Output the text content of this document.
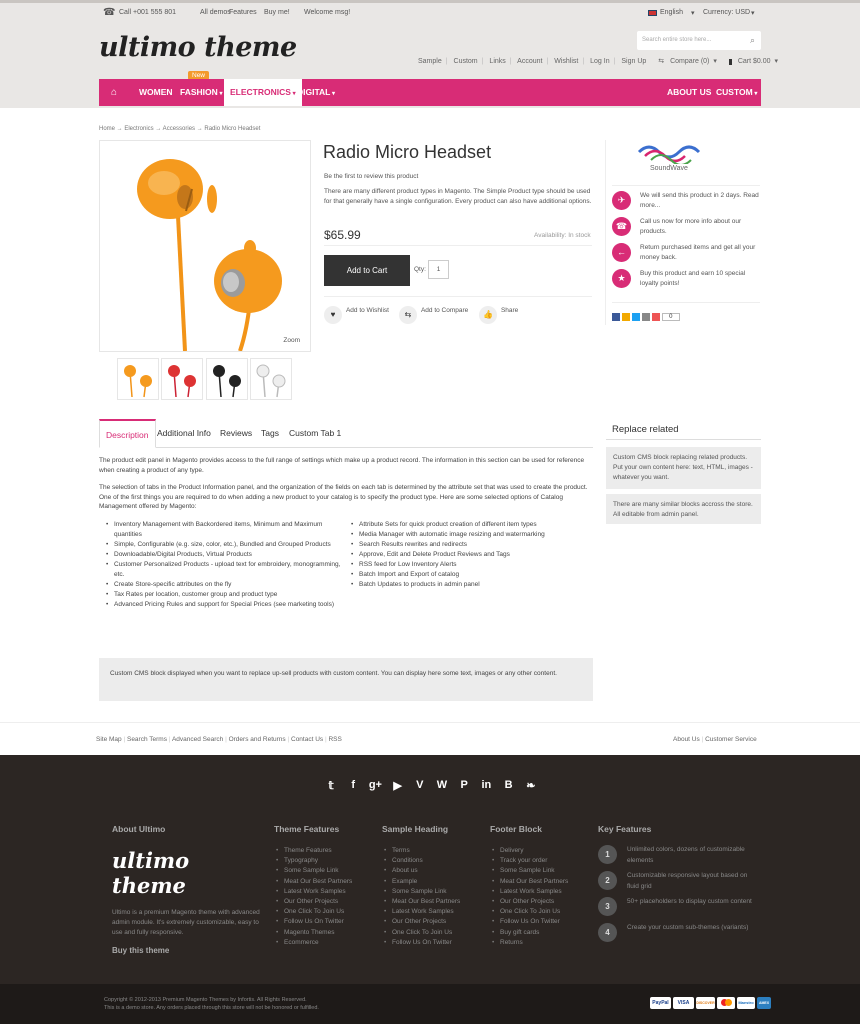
☎ Call +001 555 801	All demos
Features Buy me! Welcome msg!	English ▾ Currency: USD ▾
ultimo theme	Search entire store here...	⌕
Sample | Custom | Links | Account | Wishlist | Log In | Sign Up ⇆ Compare (0) ▾ ■ Cart $0.00 ▾
New
⌂	WOMEN FASHION ▾ ELECTRONICS ▾ DIGITAL ▾	ABOUT US CUSTOM ▾
Home → Electronics → Accessories → Radio Micro Headset
Zoom
Radio Micro Headset
Be the first to review this product
There are many different product types in Magento. The Simple Product type should be used for that generally have a single configuration. Every product can also have additional options.
$65.99	Availability: In stock
Add to Cart	Qty:	1
♥ Add to Wishlist	⇆ Add to Compare	👍 Share
SoundWave
✈	We will send this product in 2 days. Read more...
☎	Call us now for more info about our products.
←	Return purchased items and get all your money back.
★	Buy this product and earn 10 special loyalty points!
0
Description Additional Info Reviews Tags Custom Tab 1

The product edit panel in Magento provides access to the full range of settings which make up a product record. The information in this section can be used for reference when creating a product of any type.

The selection of tabs in the Product Information panel, and the organization of the fields on each tab is determined by the attribute set that was used to create the product. One of the first things you are required to do when adding a new product to your catalog is to specify the product type. Here are some selected options of Catalog Management offered by Magento:

• Inventory Management with Backordered items, Minimum and Maximum quantities
• Simple, Configurable (e.g. size, color, etc.), Bundled and Grouped Products
• Downloadable/Digital Products, Virtual Products
• Customer Personalized Products - upload text for embroidery, monogramming, etc.
• Create Store-specific attributes on the fly
• Tax Rates per location, customer group and product type
• Advanced Pricing Rules and support for Special Prices (see marketing tools)
• Attribute Sets for quick product creation of different item types
• Media Manager with automatic image resizing and watermarking
• Search Results rewrites and redirects
• Approve, Edit and Delete Product Reviews and Tags
• RSS feed for Low Inventory Alerts
• Batch Import and Export of catalog
• Batch Updates to products in admin panel
Custom CMS block displayed when you want to replace up-sell products with custom content. You can display here some text, images or any other content.
Replace related
Custom CMS block replacing related products. Put your own content here: text, HTML, images - whatever you want.
There are many similar blocks accross the store. All editable from admin panel.
Site Map | Search Terms | Advanced Search | Orders and Returns | Contact Us | RSS	About Us | Customer Service
𝕥	f	g+ ▶	V	W	P	in B ❧
About Ultimo
ultimo theme
Ultimo is a premium Magento theme with advanced admin module. It's extremely customizable, easy to use and fully responsive.
Buy this theme
Theme Features
• Theme Features
• Typography
• Some Sample Link
• Meat Our Best Partners
• Latest Work Samples
• Our Other Projects
• One Click To Join Us
• Follow Us On Twitter
• Magento Themes
• Ecommerce
Sample Heading
• Terms
• Conditions
• About us
• Example
• Some Sample Link
• Meat Our Best Partners
• Latest Work Samples
• Our Other Projects
• One Click To Join Us
• Follow Us On Twitter
Footer Block
• Delivery
• Track your order
• Some Sample Link
• Meat Our Best Partners
• Latest Work Samples
• Our Other Projects
• One Click To Join Us
• Follow Us On Twitter
• Buy gift cards
• Returns
Key Features
1
Unlimited colors, dozens of customizable elements
2
Customizable responsive layout based on fluid grid
3
50+ placeholders to display custom content
4
Create your custom sub-themes (variants)
Copyright © 2012-2013 Premium Magento Themes by Infortis. All Rights Reserved.
This is a demo store. Any orders placed through this store will not be honored or fulfilled.
PayPal	VISA	DISCOVER	Maestro	AMEX
